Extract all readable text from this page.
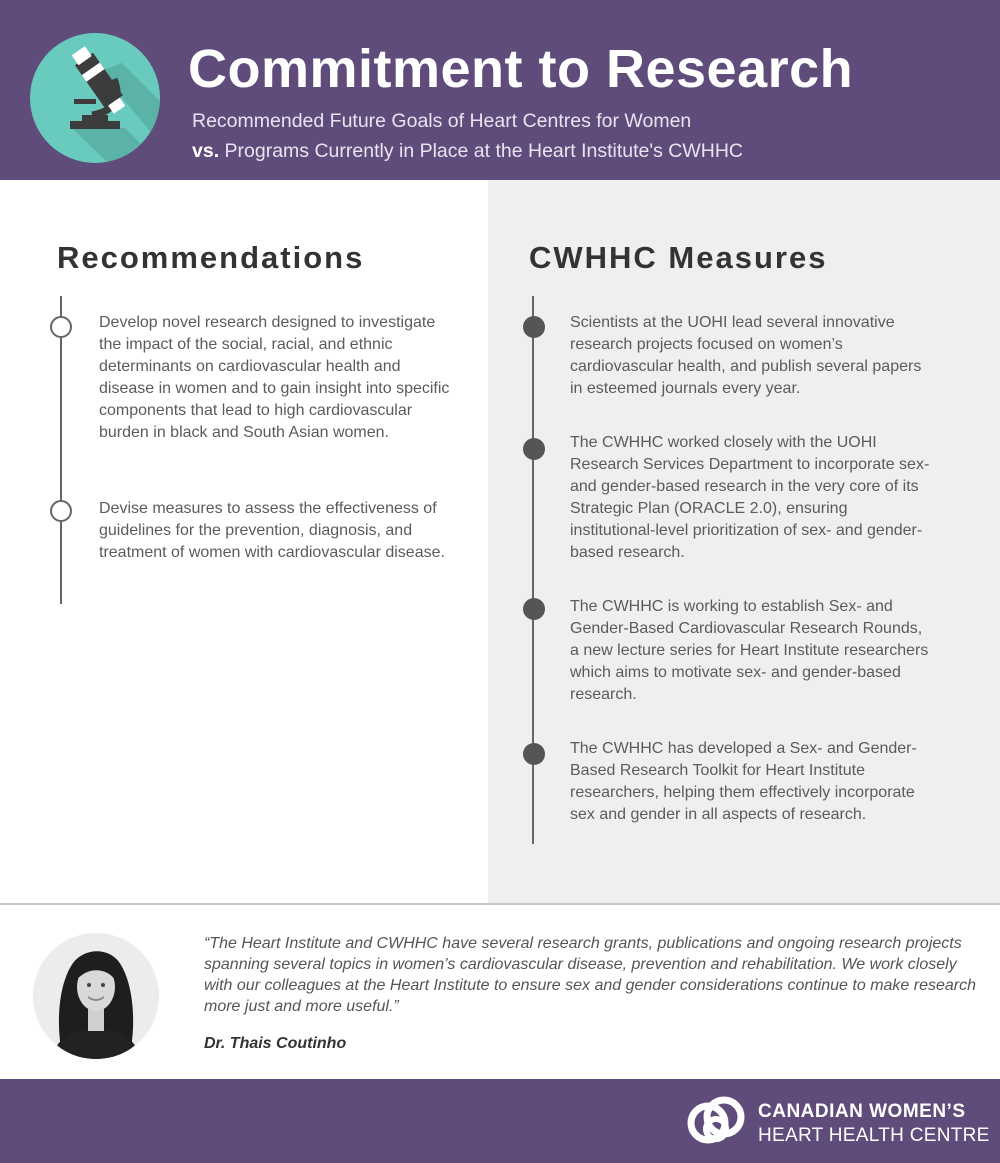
Commitment to Research
Recommended Future Goals of Heart Centres for Women
vs. Programs Currently in Place at the Heart Institute's CWHHC
Recommendations
Develop novel research designed to investigate the impact of the social, racial, and ethnic determinants on cardiovascular health and disease in women and to gain insight into specific components that lead to high cardiovascular burden in black and South Asian women.
Devise measures to assess the effectiveness of guidelines for the prevention, diagnosis, and treatment of women with cardiovascular disease.
CWHHC Measures
Scientists at the UOHI lead several innovative research projects focused on women’s cardiovascular health, and publish several papers in esteemed journals every year.
The CWHHC worked closely with the UOHI Research Services Department to incorporate sex- and gender-based research in the very core of its Strategic Plan (ORACLE 2.0), ensuring institutional-level prioritization of sex- and gender-based research.
The CWHHC is working to establish Sex- and Gender-Based Cardiovascular Research Rounds, a new lecture series for Heart Institute researchers which aims to motivate sex- and gender-based research.
The CWHHC has developed a Sex- and Gender-Based Research Toolkit for Heart Institute researchers, helping them effectively incorporate sex and gender in all aspects of research.
“The Heart Institute and CWHHC have several research grants, publications and ongoing research projects spanning several topics in women’s cardiovascular disease, prevention and rehabilitation. We work closely with our colleagues at the Heart Institute to ensure sex and gender considerations continue to make research more just and more useful.”
Dr. Thais Coutinho
CANADIAN WOMEN’S
HEART HEALTH CENTRE
